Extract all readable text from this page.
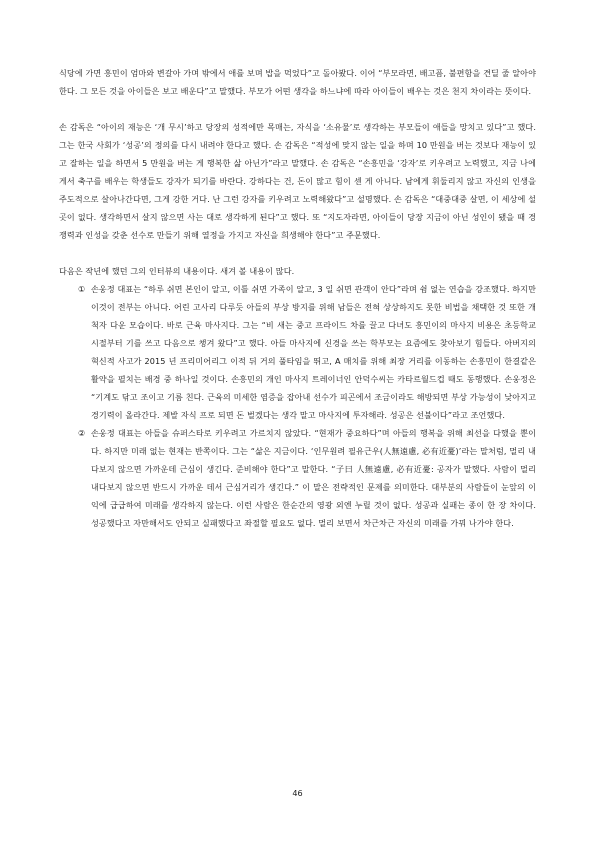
식당에 가면 흥민이 엄마와 변갈아 가며 밖에서 애를 보며 밥을 먹었다”고 돌아봤다. 이어 “부모라면, 배고픔, 불편함을 견딜 줄 알아야 한다. 그 모든 것을 아이들은 보고 배운다”고 말했다. 부모가 어떤 생각을 하느냐에 따라 아이들이 배우는 것은 천지 차이라는 뜻이다.

손 감독은 “아이의 재능은 ‘개 무시’하고 당장의 성적에만 목매는, 자식을 ‘소유물’로 생각하는 부모들이 애들을 망치고 있다”고 했다. 그는 한국 사회가 ‘성공’의 정의를 다시 내려야 한다고 했다. 손 감독은 “적성에 맞지 않는 일을 하며 10 만원을 버는 것보다 재능이 있고 잘하는 일을 하면서 5 만원을 버는 게 행복한 삶 아닌가”라고 말했다. 손 감독은 “손흥민을 ‘강자’로 키우려고 노력했고, 지금 나에게서 축구를 배우는 학생들도 강자가 되기를 바란다. 강하다는 건, 돈이 많고 힘이 센 게 아니다. 남에게 휘둘리지 않고 자신의 인생을 주도적으로 살아나간다면, 그게 강한 거다. 난 그런 강자를 키우려고 노력해왔다”고 설명했다. 손 감독은 “대중대중 살면, 이 세상에 설 곳이 없다. 생각하면서 살지 않으면 사는 대로 생각하게 된다”고 했다. 또 “지도자라면, 아이들이 당장 지금이 아닌 성인이 됐을 때 경쟁력과 인성을 갖춘 선수로 만들기 위해 열정을 가지고 자신을 희생해야 한다”고 주문했다.

다음은 작년에 했던 그의 인터뷰의 내용이다. 새겨 볼 내용이 많다.

① 손웅정 대표는 “하루 쉬면 본인이 알고, 이틀 쉬면 가족이 알고, 3 일 쉬면 관객이 안다”라며 쉼 없는 연습을 강조했다. 하지만 이것이 전부는 아니다. 어린 고사리 다루듯 아들의 부상 방지를 위해 남들은 전혀 상상하지도 못한 비법을 채택한 것 또한 개척자 다운 모습이다. 바로 근육 마사지다. 그는 “비 새는 중고 프라이드 차를 끌고 다녀도 흥민이의 마사지 비용은 초등학교 시절부터 기를 쓰고 다음으로 챙겨 왔다”고 했다. 아들 마사지에 신경을 쓰는 학부모는 요즘에도 찾아보기 힘들다. 아버지의 혁신적 사고가 2015 년 프리미어리그 이적 뒤 거의 풀타임을 뛰고, A 매치를 위해 최장 거리를 이동하는 손흥민이 한결같은 활약을 펼치는 배경 중 하나일 것이다. 손흥민의 개인 마사지 트레이너인 안덕수씨는 카타르월드컵 때도 동행했다. 손웅정은 “기계도 닦고 조이고 기름 친다. 근육의 미세한 염증을 잡아내 선수가 피곤에서 조금이라도 해방되면 부상 가능성이 낮아지고 경기력이 올라간다. 제발 자식 프로 되면 돈 벌겠다는 생각 말고 마사지에 투자해라. 성공은 선불이다”라고 조언했다.

② 손웅정 대표는 아들을 슈퍼스타로 키우려고 가르치지 않았다. “현재가 중요하다”며 아들의 행복을 위해 최선을 다했을 뿐이다. 하지만 미래 없는 현재는 반쪽이다. 그는 “삶은 지금이다. ‘인무원려 필유근우(人無遠慮, 必有近憂)’라는 말처럼, 멀리 내다보지 않으면 가까운데 근심이 생긴다. 준비해야 한다”고 말한다. “子曰 人無遠慮, 必有近憂: 공자가 말했다. 사람이 멀리 내다보지 않으면 반드시 가까운 데서 근심거리가 생긴다.” 이 말은 전략적인 문제를 의미한다. 대부분의 사람들이 눈앞의 이익에 급급하여 미래를 생각하지 않는다. 이런 사람은 한순간의 영광 외엔 누릴 것이 없다. 성공과 실패는 종이 한 장 차이다. 성공했다고 자만해서도 안되고 실패했다고 좌절할 필요도 없다. 멀리 보면서 차근차근 자신의 미래를 가꿔 나가야 한다.

46
